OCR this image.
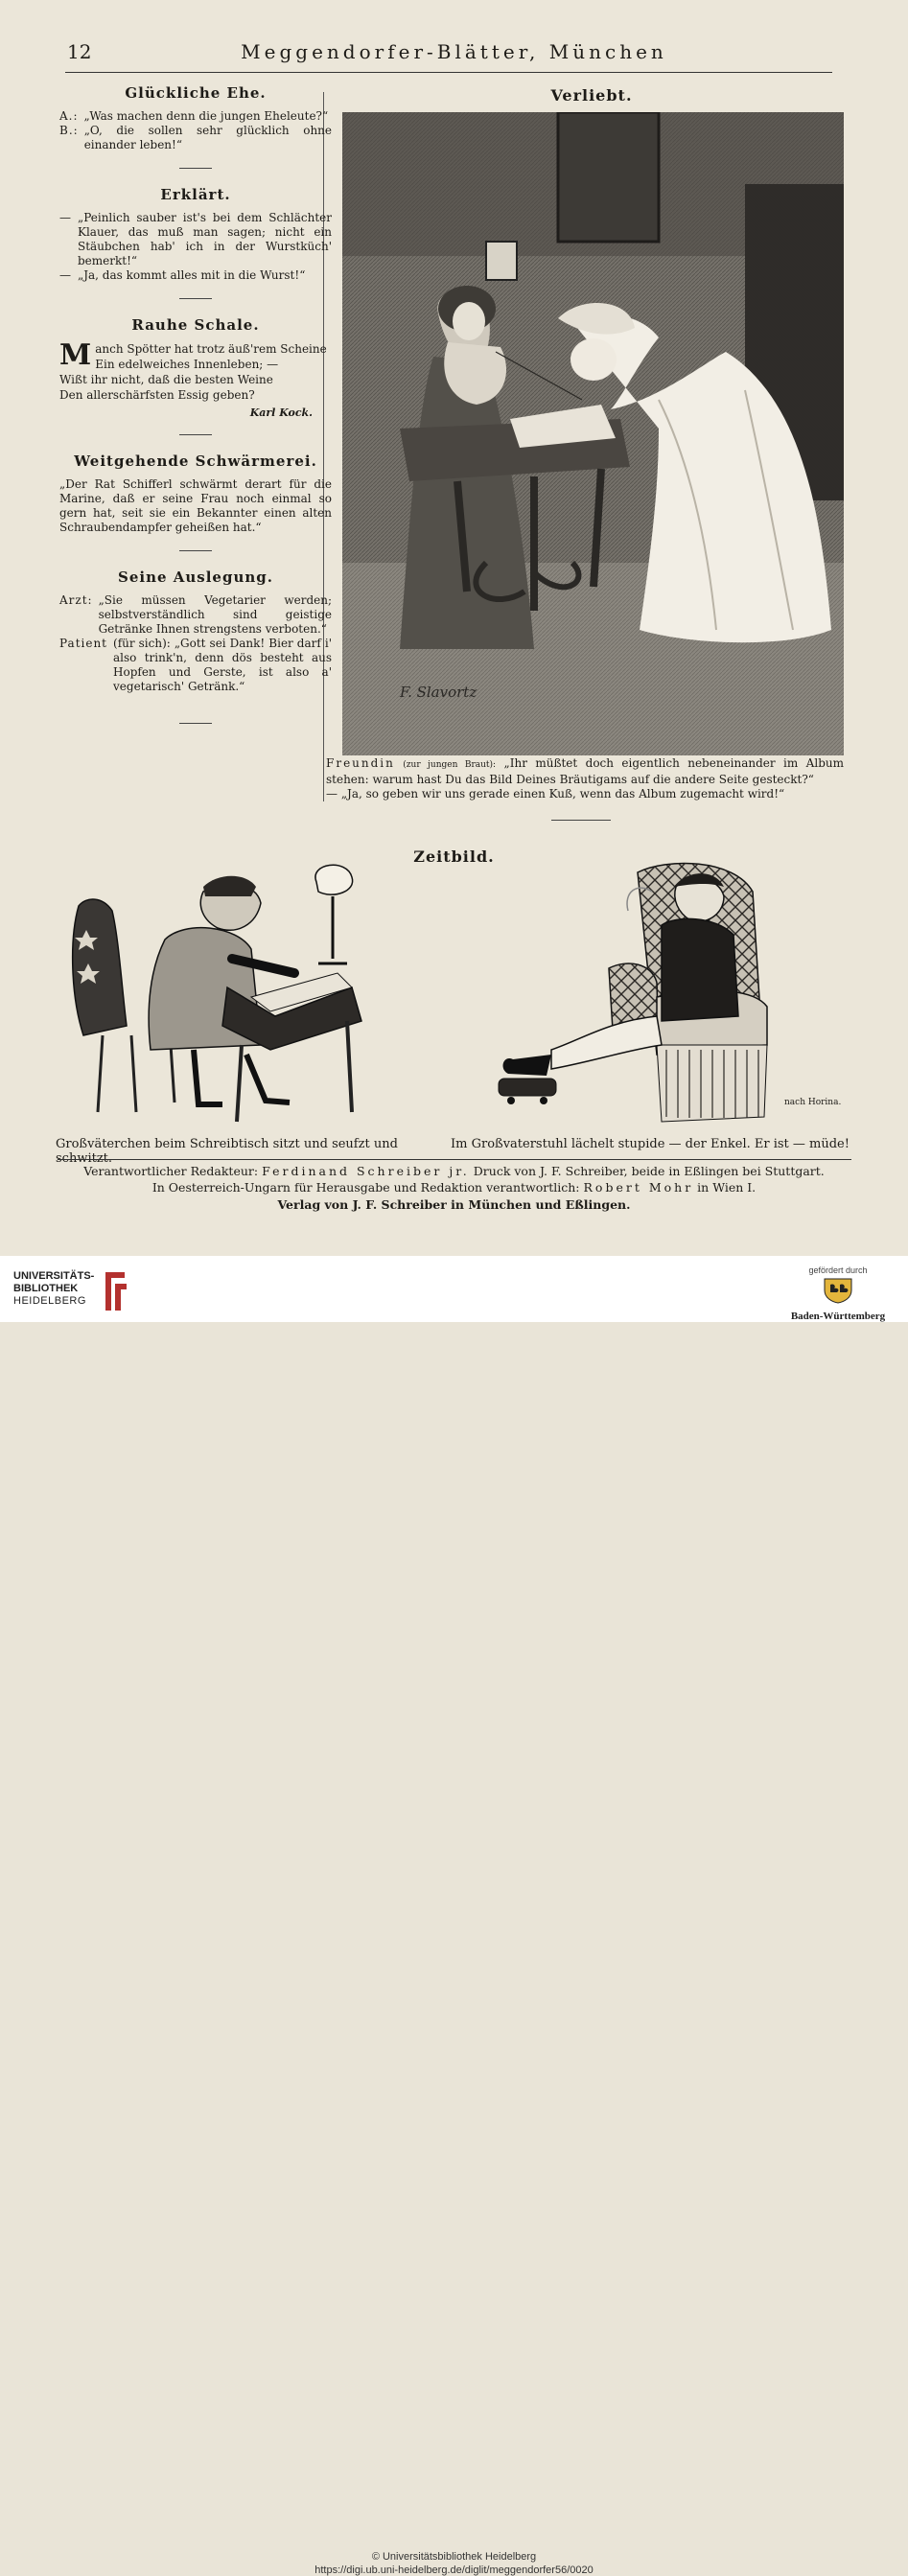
12	Meggendorfer-Blätter, München
Glückliche Ehe.
A.: „Was machen denn die jungen Eheleute?“
B.: „O, die sollen sehr glücklich ohne einander leben!“
Erklärt.
— „Peinlich sauber ist's bei dem Schlächter Klauer, das muß man sagen; nicht ein Stäubchen hab' ich in der Wurstküch' bemerkt!“
— „Ja, das kommt alles mit in die Wurst!“
Rauhe Schale.
M anch Spötter hat trotz äuß'rem Scheine
Ein edelweiches Innenleben; —
Wißt ihr nicht, daß die besten Weine
Den allerschärfsten Essig geben?
Karl Kock.
Weitgehende Schwärmerei.

„Der Rat Schifferl schwärmt derart für die Marine, daß er seine Frau noch einmal so gern hat, seit sie ein Bekannter einen alten Schraubendampfer geheißen hat.“

Seine Auslegung.
Arzt: „Sie müssen Vegetarier werden; selbstverständlich sind geistige Getränke Ihnen strengstens verboten.“
Patient (für sich): „Gott sei Dank! Bier darf i' also trink'n, denn dös besteht aus Hopfen und Gerste, ist also a' vegetarisch' Getränk.“
Verliebt.
F. Slavortz
Freundin (zur jungen Braut): „Ihr müßtet doch eigentlich nebeneinander im Album stehen: warum hast Du das Bild Deines Bräutigams auf die andere Seite gesteckt?“
— „Ja, so geben wir uns gerade einen Kuß, wenn das Album zugemacht wird!“
Zeitbild.
nach Horina.
Großväterchen beim Schreibtisch sitzt und seufzt und schwitzt.
Im Großvaterstuhl lächelt stupide — der Enkel. Er ist — müde!
Verantwortlicher Redakteur: Ferdinand Schreiber jr. Druck von J. F. Schreiber, beide in Eßlingen bei Stuttgart.
In Oesterreich-Ungarn für Herausgabe und Redaktion verantwortlich: Robert Mohr in Wien I.
Verlag von J. F. Schreiber in München und Eßlingen.
UNIVERSITÄTS-
BIBLIOTHEK
HEIDELBERG
© Universitätsbibliothek Heidelberg
https://digi.ub.uni-heidelberg.de/diglit/meggendorfer56/0020
gefördert durch
Baden-Württemberg
